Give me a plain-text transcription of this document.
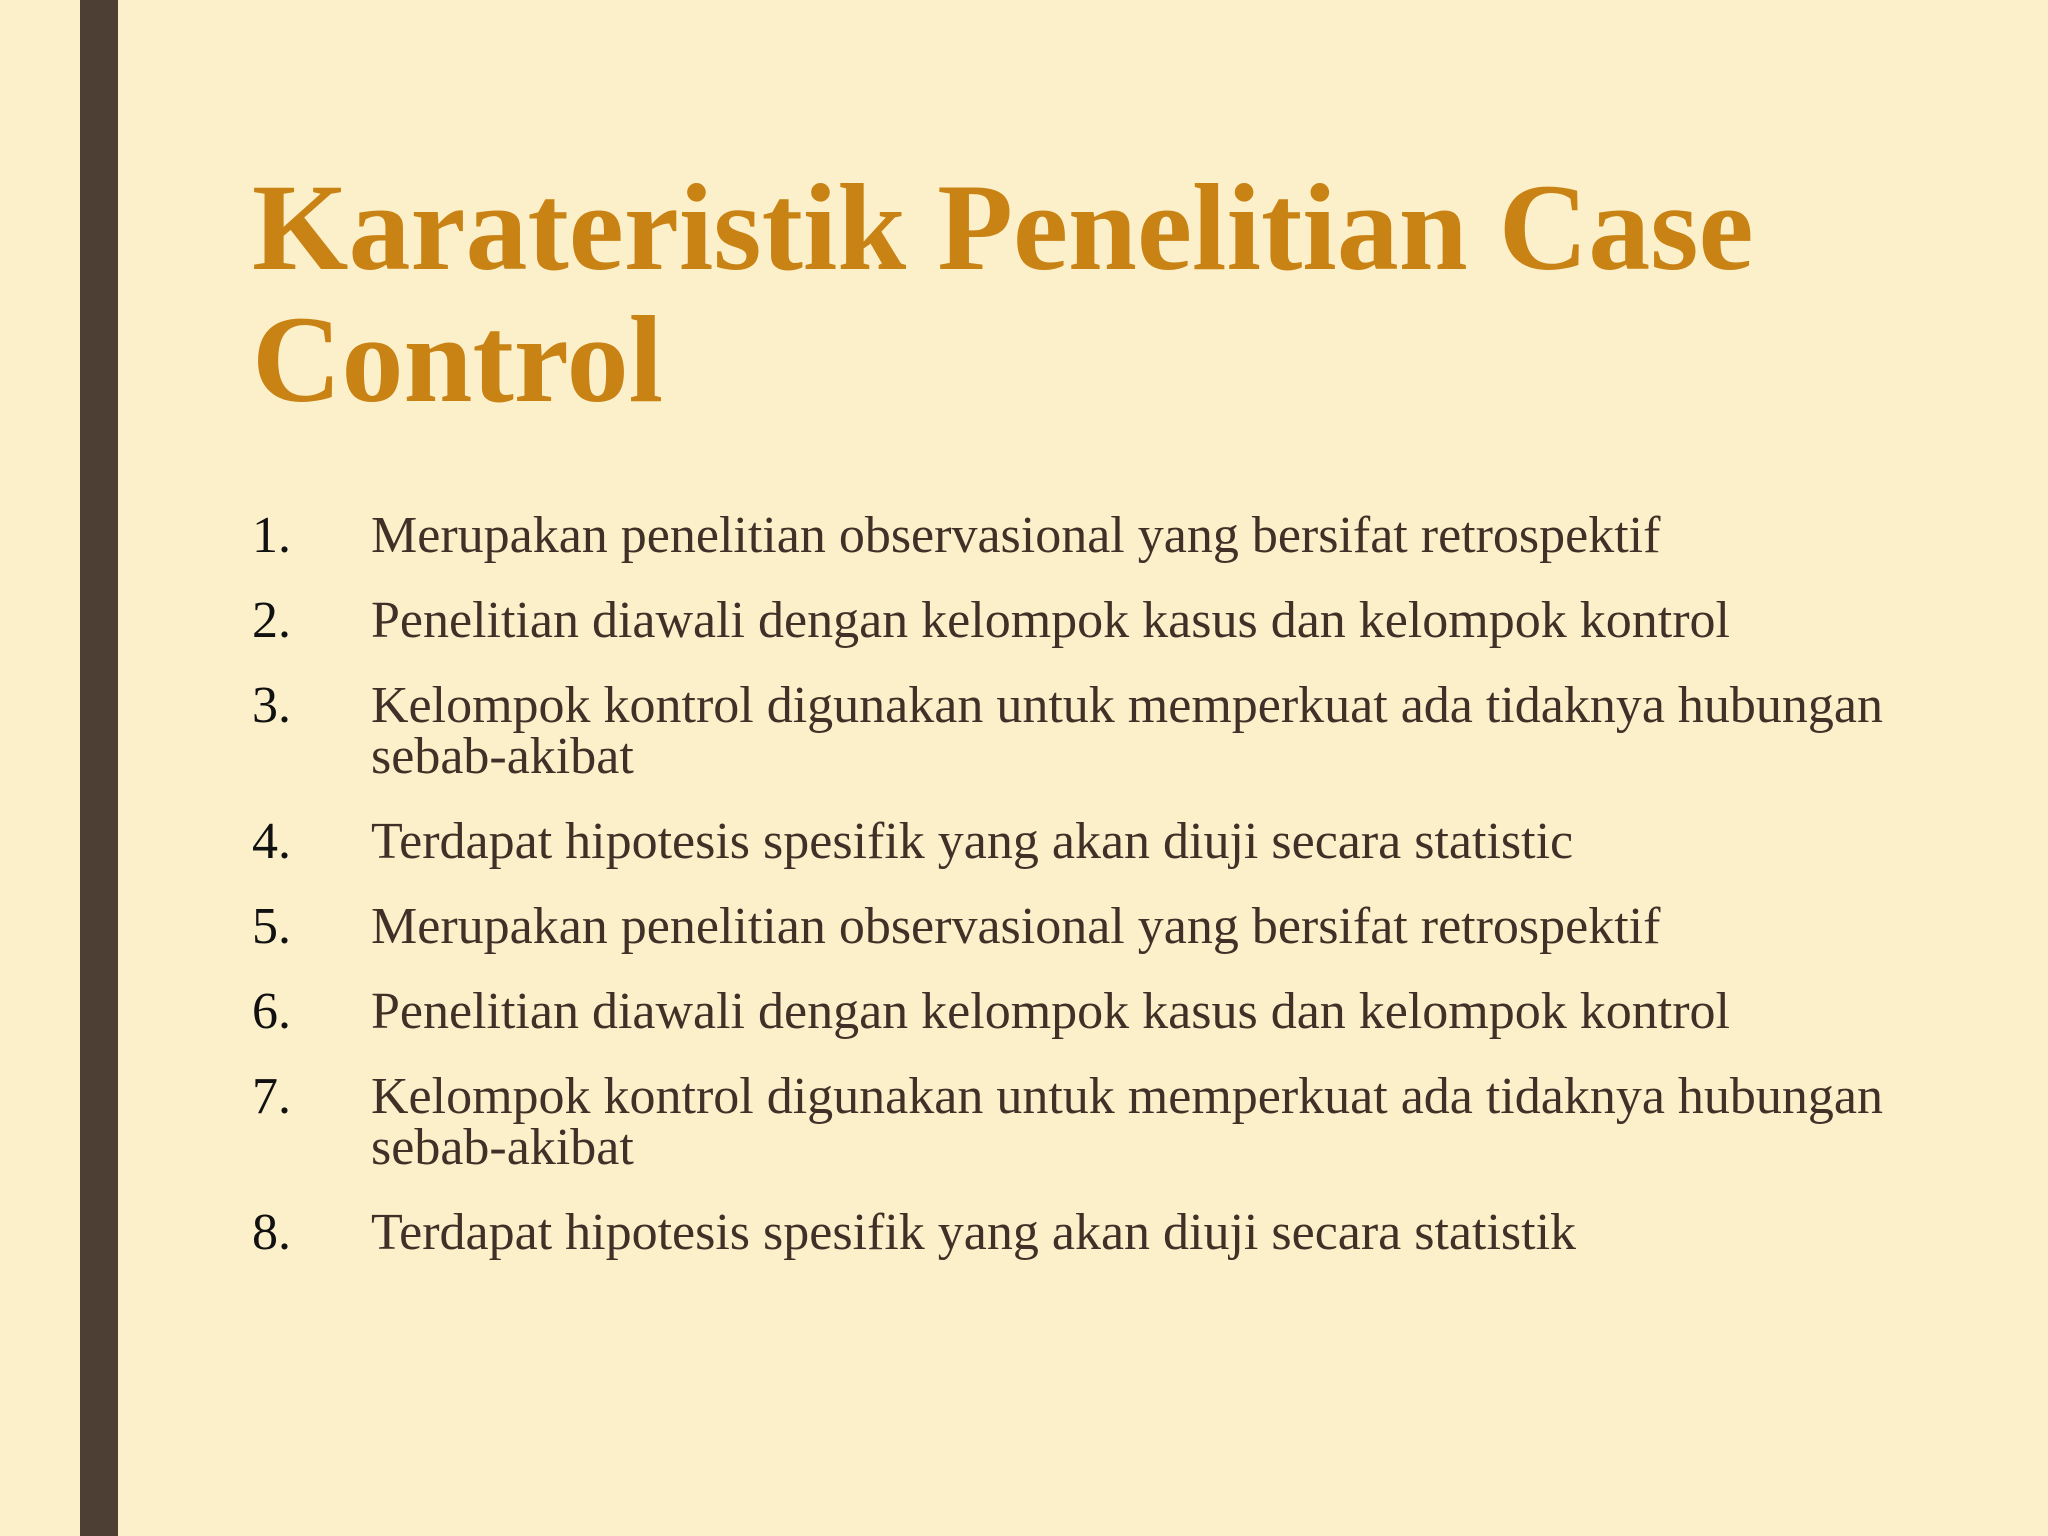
Karateristik Penelitian Case Control
1. Merupakan penelitian observasional yang bersifat retrospektif
2. Penelitian diawali dengan kelompok kasus dan kelompok kontrol
3. Kelompok kontrol digunakan untuk memperkuat ada tidaknya hubungan sebab-akibat
4. Terdapat hipotesis spesifik yang akan diuji secara statistic
5. Merupakan penelitian observasional yang bersifat retrospektif
6. Penelitian diawali dengan kelompok kasus dan kelompok kontrol
7. Kelompok kontrol digunakan untuk memperkuat ada tidaknya hubungan sebab-akibat
8. Terdapat hipotesis spesifik yang akan diuji secara statistik
